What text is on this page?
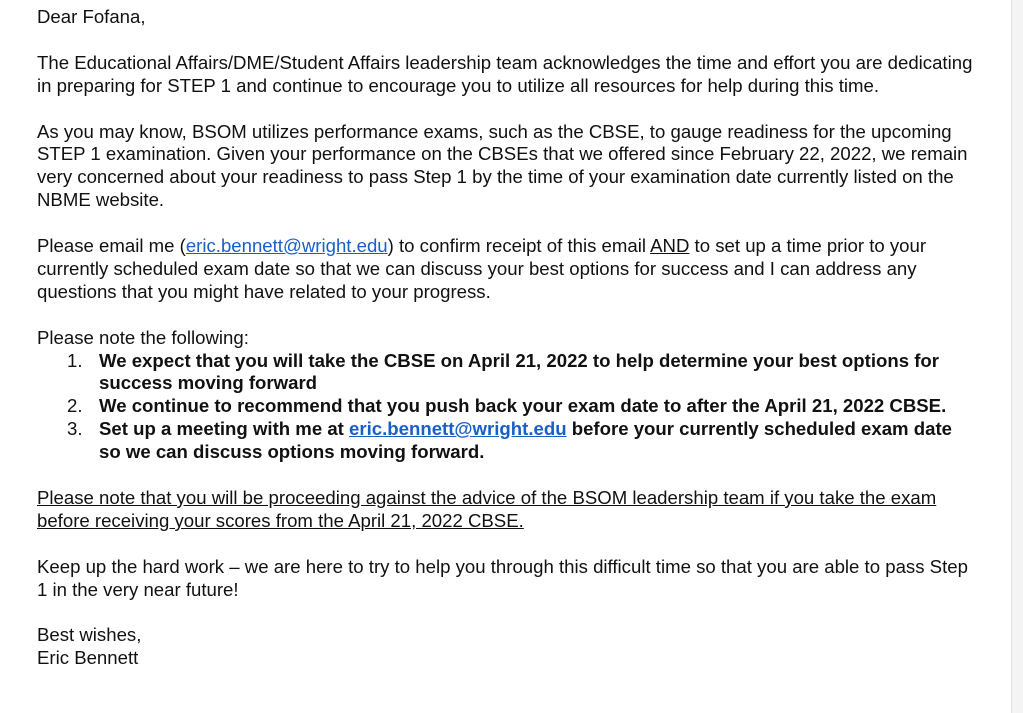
Dear Fofana,

The Educational Affairs/DME/Student Affairs leadership team acknowledges the time and effort you are dedicating in preparing for STEP 1 and continue to encourage you to utilize all resources for help during this time.

As you may know, BSOM utilizes performance exams, such as the CBSE, to gauge readiness for the upcoming STEP 1 examination. Given your performance on the CBSEs that we offered since February 22, 2022, we remain very concerned about your readiness to pass Step 1 by the time of your examination date currently listed on the NBME website.

Please email me (eric.bennett@wright.edu) to confirm receipt of this email AND to set up a time prior to your currently scheduled exam date so that we can discuss your best options for success and I can address any questions that you might have related to your progress.

Please note the following:

1. We expect that you will take the CBSE on April 21, 2022 to help determine your best options for success moving forward
2. We continue to recommend that you push back your exam date to after the April 21, 2022 CBSE.
3. Set up a meeting with me at eric.bennett@wright.edu before your currently scheduled exam date so we can discuss options moving forward.

Please note that you will be proceeding against the advice of the BSOM leadership team if you take the exam before receiving your scores from the April 21, 2022 CBSE.

Keep up the hard work – we are here to try to help you through this difficult time so that you are able to pass Step 1 in the very near future!

Best wishes,

Eric Bennett
